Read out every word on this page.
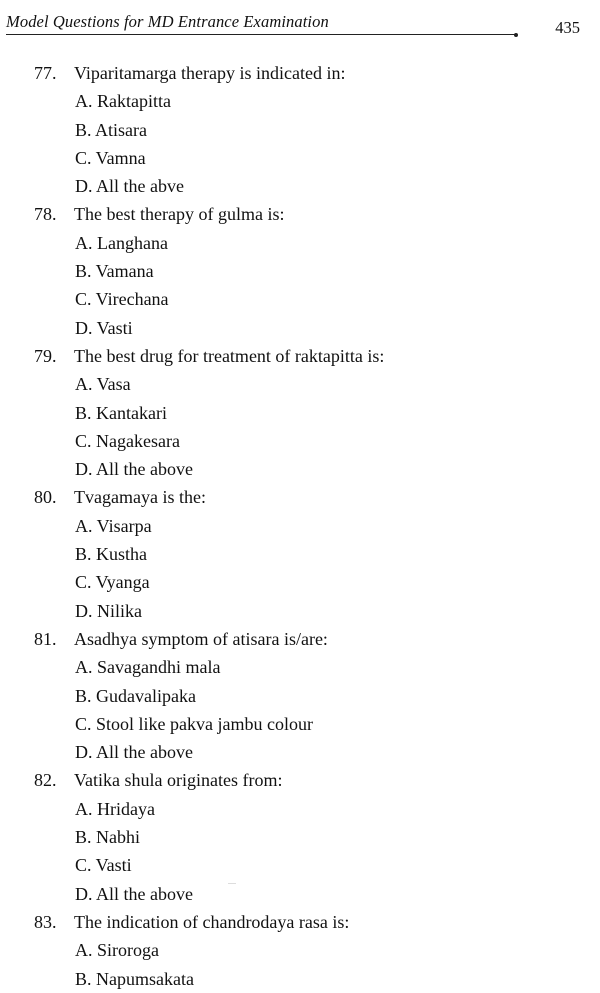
Model Questions for MD Entrance Examination	435
77. Viparitamarga therapy is indicated in:
A. Raktapitta
B. Atisara
C. Vamna
D. All the abve
78. The best therapy of gulma is:
A. Langhana
B. Vamana
C. Virechana
D. Vasti
79. The best drug for treatment of raktapitta is:
A. Vasa
B. Kantakari
C. Nagakesara
D. All the above
80. Tvagamaya is the:
A. Visarpa
B. Kustha
C. Vyanga
D. Nilika
81. Asadhya symptom of atisara is/are:
A. Savagandhi mala
B. Gudavalipaka
C. Stool like pakva jambu colour
D. All the above
82. Vatika shula originates from:
A. Hridaya
B. Nabhi
C. Vasti
D. All the above
83. The indication of chandrodaya rasa is:
A. Siroroga
B. Napumsakata
